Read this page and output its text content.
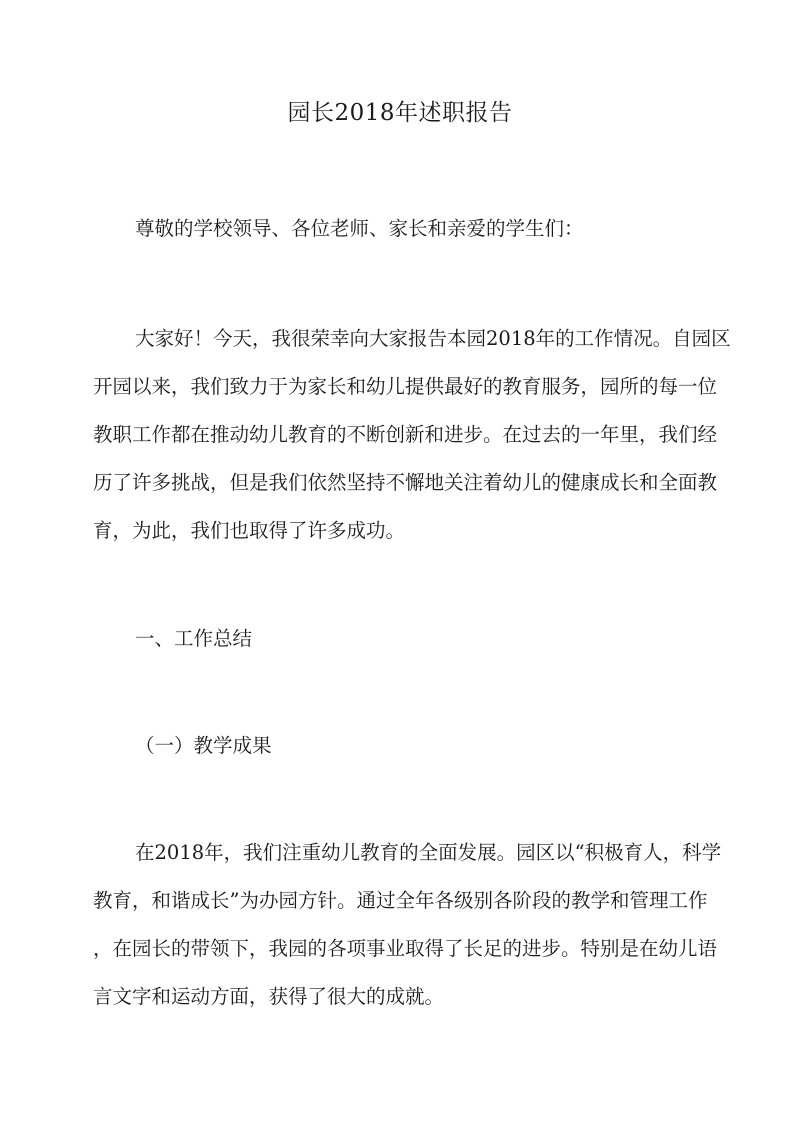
园长2018年述职报告
尊敬的学校领导、各位老师、家长和亲爱的学生们：
大家好！今天，我很荣幸向大家报告本园2018年的工作情况。自园区
开园以来，我们致力于为家长和幼儿提供最好的教育服务，园所的每一位
教职工作都在推动幼儿教育的不断创新和进步。在过去的一年里，我们经
历了许多挑战，但是我们依然坚持不懈地关注着幼儿的健康成长和全面教
育，为此，我们也取得了许多成功。
一、工作总结
（一）教学成果
在2018年，我们注重幼儿教育的全面发展。园区以“积极育人，科学
教育，和谐成长”为办园方针。通过全年各级别各阶段的教学和管理工作
，在园长的带领下，我园的各项事业取得了长足的进步。特别是在幼儿语
言文字和运动方面，获得了很大的成就。
